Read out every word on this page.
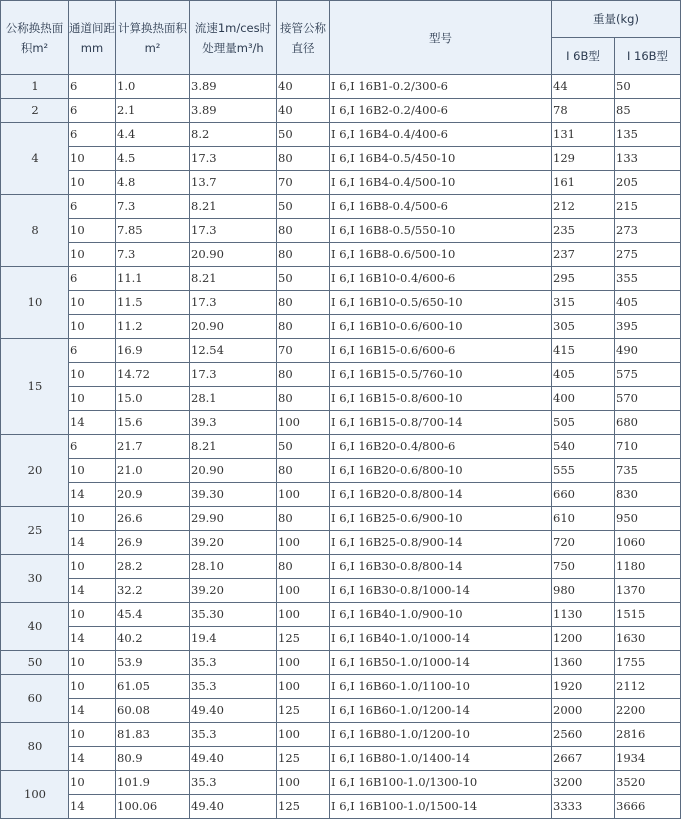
公称换热面积m²	通道间距mm	计算换热面积m²	流速1m/ces时处理量m³/h	接管公称直径	型号	重量(kg)	
						I 6B型	I 16B型
1	6	1.0	3.89	40	I 6,I 16B1-0.2/300-6	44	50
2	6	2.1	3.89	40	I 6,I 16B2-0.2/400-6	78	85
4	6	4.4	8.2	50	I 6,I 16B4-0.4/400-6	131	135
	10	4.5	17.3	80	I 6,I 16B4-0.5/450-10	129	133
	10	4.8	13.7	70	I 6,I 16B4-0.4/500-10	161	205
8	6	7.3	8.21	50	I 6,I 16B8-0.4/500-6	212	215
	10	7.85	17.3	80	I 6,I 16B8-0.5/550-10	235	273
	10	7.3	20.90	80	I 6,I 16B8-0.6/500-10	237	275
10	6	11.1	8.21	50	I 6,I 16B10-0.4/600-6	295	355
	10	11.5	17.3	80	I 6,I 16B10-0.5/650-10	315	405
	10	11.2	20.90	80	I 6,I 16B10-0.6/600-10	305	395
15	6	16.9	12.54	70	I 6,I 16B15-0.6/600-6	415	490
	10	14.72	17.3	80	I 6,I 16B15-0.5/760-10	405	575
	10	15.0	28.1	80	I 6,I 16B15-0.8/600-10	400	570
	14	15.6	39.3	100	I 6,I 16B15-0.8/700-14	505	680
20	6	21.7	8.21	50	I 6,I 16B20-0.4/800-6	540	710
	10	21.0	20.90	80	I 6,I 16B20-0.6/800-10	555	735
	14	20.9	39.30	100	I 6,I 16B20-0.8/800-14	660	830
25	10	26.6	29.90	80	I 6,I 16B25-0.6/900-10	610	950
	14	26.9	39.20	100	I 6,I 16B25-0.8/900-14	720	1060
30	10	28.2	28.10	80	I 6,I 16B30-0.8/800-14	750	1180
	14	32.2	39.20	100	I 6,I 16B30-0.8/1000-14	980	1370
40	10	45.4	35.30	100	I 6,I 16B40-1.0/900-10	1130	1515
	14	40.2	19.4	125	I 6,I 16B40-1.0/1000-14	1200	1630
50	10	53.9	35.3	100	I 6,I 16B50-1.0/1000-14	1360	1755
60	10	61.05	35.3	100	I 6,I 16B60-1.0/1100-10	1920	2112
	14	60.08	49.40	125	I 6,I 16B60-1.0/1200-14	2000	2200
80	10	81.83	35.3	100	I 6,I 16B80-1.0/1200-10	2560	2816
	14	80.9	49.40	125	I 6,I 16B80-1.0/1400-14	2667	1934
100	10	101.9	35.3	100	I 6,I 16B100-1.0/1300-10	3200	3520
	14	100.06	49.40	125	I 6,I 16B100-1.0/1500-14	3333	3666
